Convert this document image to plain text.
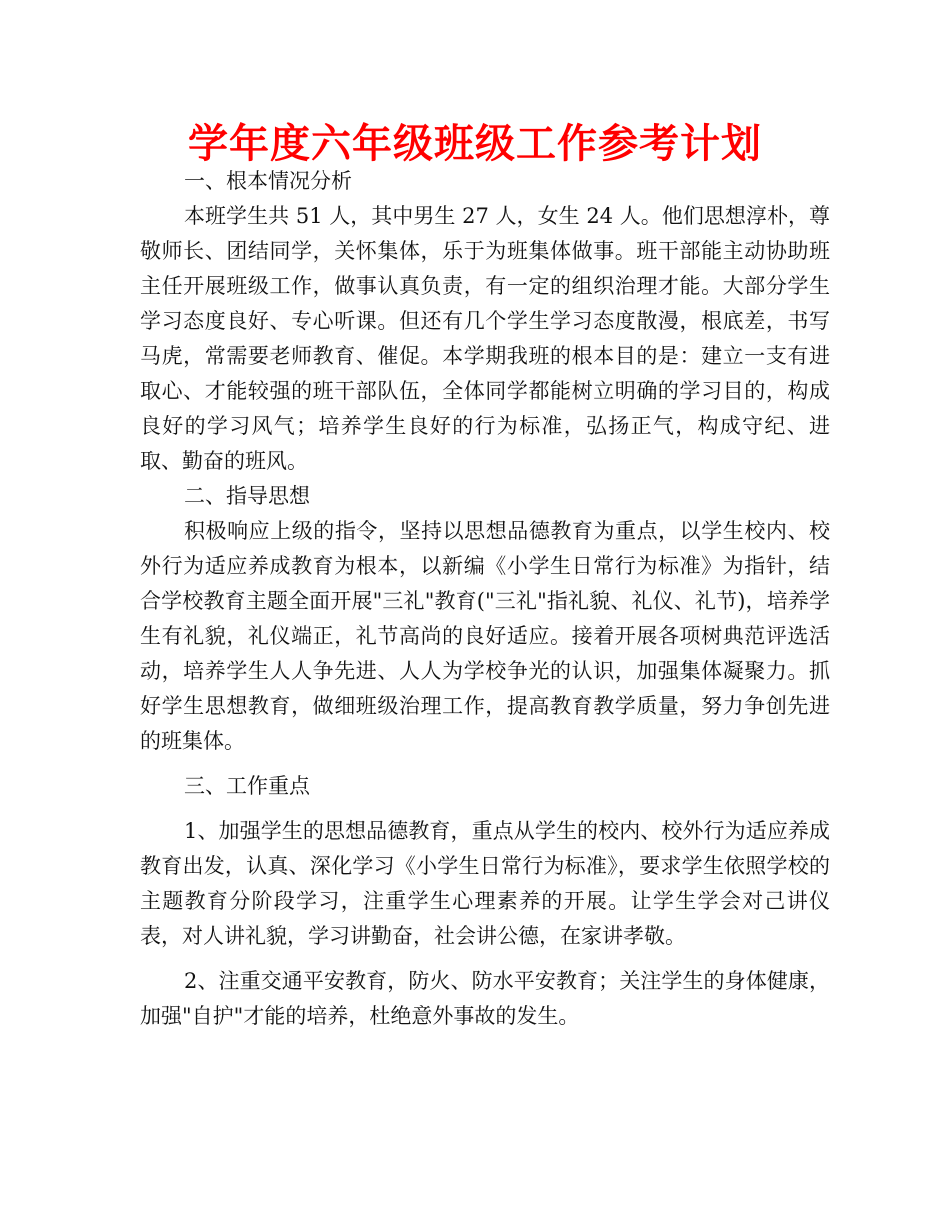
学年度六年级班级工作参考计划

一、根本情况分析

本班学生共 51 人，其中男生 27 人，女生 24 人。他们思想淳朴，尊敬师长、团结同学，关怀集体，乐于为班集体做事。班干部能主动协助班主任开展班级工作，做事认真负责，有一定的组织治理才能。大部分学生学习态度良好、专心听课。但还有几个学生学习态度散漫，根底差，书写马虎，常需要老师教育、催促。本学期我班的根本目的是：建立一支有进取心、才能较强的班干部队伍，全体同学都能树立明确的学习目的，构成良好的学习风气；培养学生良好的行为标准，弘扬正气，构成守纪、进取、勤奋的班风。

二、指导思想

积极响应上级的指令，坚持以思想品德教育为重点，以学生校内、校外行为适应养成教育为根本，以新编《小学生日常行为标准》为指针，结合学校教育主题全面开展"三礼"教育("三礼"指礼貌、礼仪、礼节)，培养学生有礼貌，礼仪端正，礼节高尚的良好适应。接着开展各项树典范评选活动，培养学生人人争先进、人人为学校争光的认识，加强集体凝聚力。抓好学生思想教育，做细班级治理工作，提高教育教学质量，努力争创先进的班集体。

三、工作重点

1、加强学生的思想品德教育，重点从学生的校内、校外行为适应养成教育出发，认真、深化学习《小学生日常行为标准》，要求学生依照学校的主题教育分阶段学习，注重学生心理素养的开展。让学生学会对己讲仪表，对人讲礼貌，学习讲勤奋，社会讲公德，在家讲孝敬。

2、注重交通平安教育，防火、防水平安教育；关注学生的身体健康，加强"自护"才能的培养，杜绝意外事故的发生。
